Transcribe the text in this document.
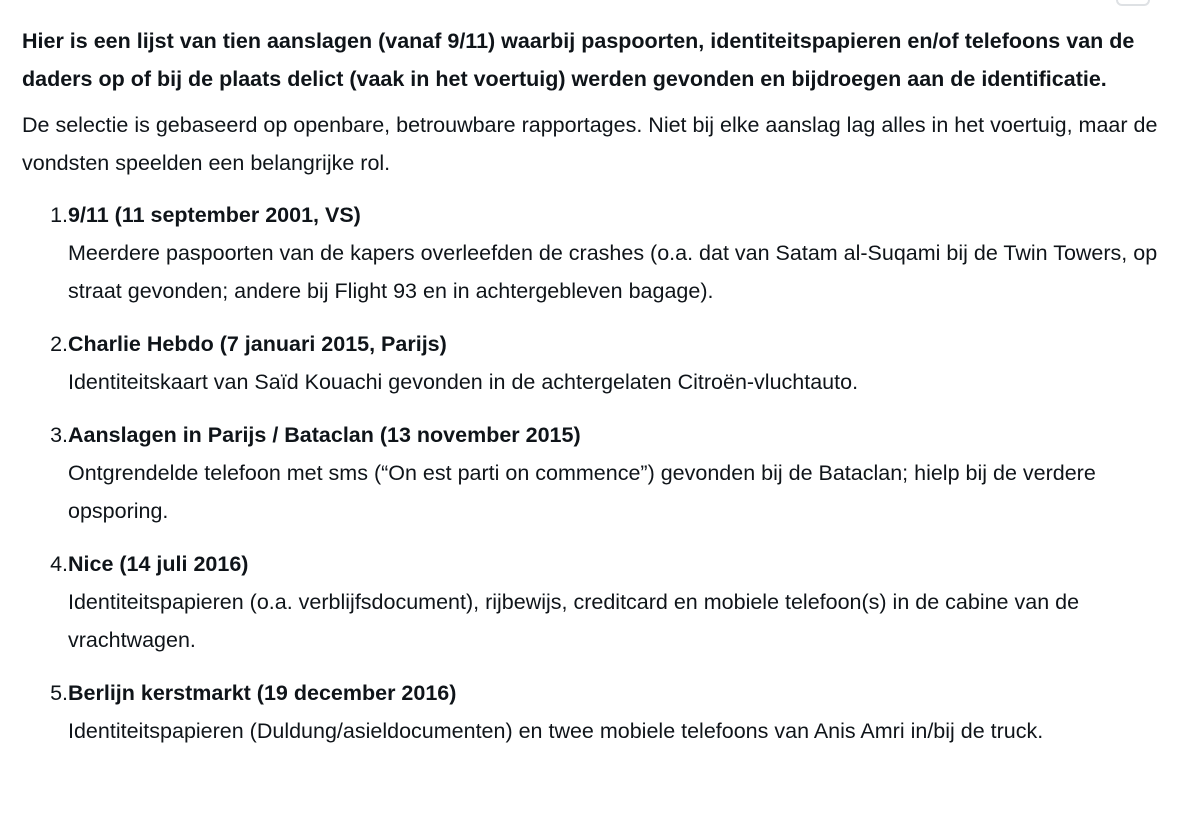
Hier is een lijst van tien aanslagen (vanaf 9/11) waarbij paspoorten, identiteitspapieren en/of telefoons van de daders op of bij de plaats delict (vaak in het voertuig) werden gevonden en bijdroegen aan de identificatie.

De selectie is gebaseerd op openbare, betrouwbare rapportages. Niet bij elke aanslag lag alles in het voertuig, maar de vondsten speelden een belangrijke rol.

1. 9/11 (11 september 2001, VS)
Meerdere paspoorten van de kapers overleefden de crashes (o.a. dat van Satam al-Suqami bij de Twin Towers, op straat gevonden; andere bij Flight 93 en in achtergebleven bagage).
2. Charlie Hebdo (7 januari 2015, Parijs)
Identiteitskaart van Saïd Kouachi gevonden in de achtergelaten Citroën-vluchtauto.
3. Aanslagen in Parijs / Bataclan (13 november 2015)
Ontgrendelde telefoon met sms (“On est parti on commence”) gevonden bij de Bataclan; hielp bij de verdere opsporing.
4. Nice (14 juli 2016)
Identiteitspapieren (o.a. verblijfsdocument), rijbewijs, creditcard en mobiele telefoon(s) in de cabine van de vrachtwagen.
5. Berlijn kerstmarkt (19 december 2016)
Identiteitspapieren (Duldung/asieldocumenten) en twee mobiele telefoons van Anis Amri in/bij de truck.
